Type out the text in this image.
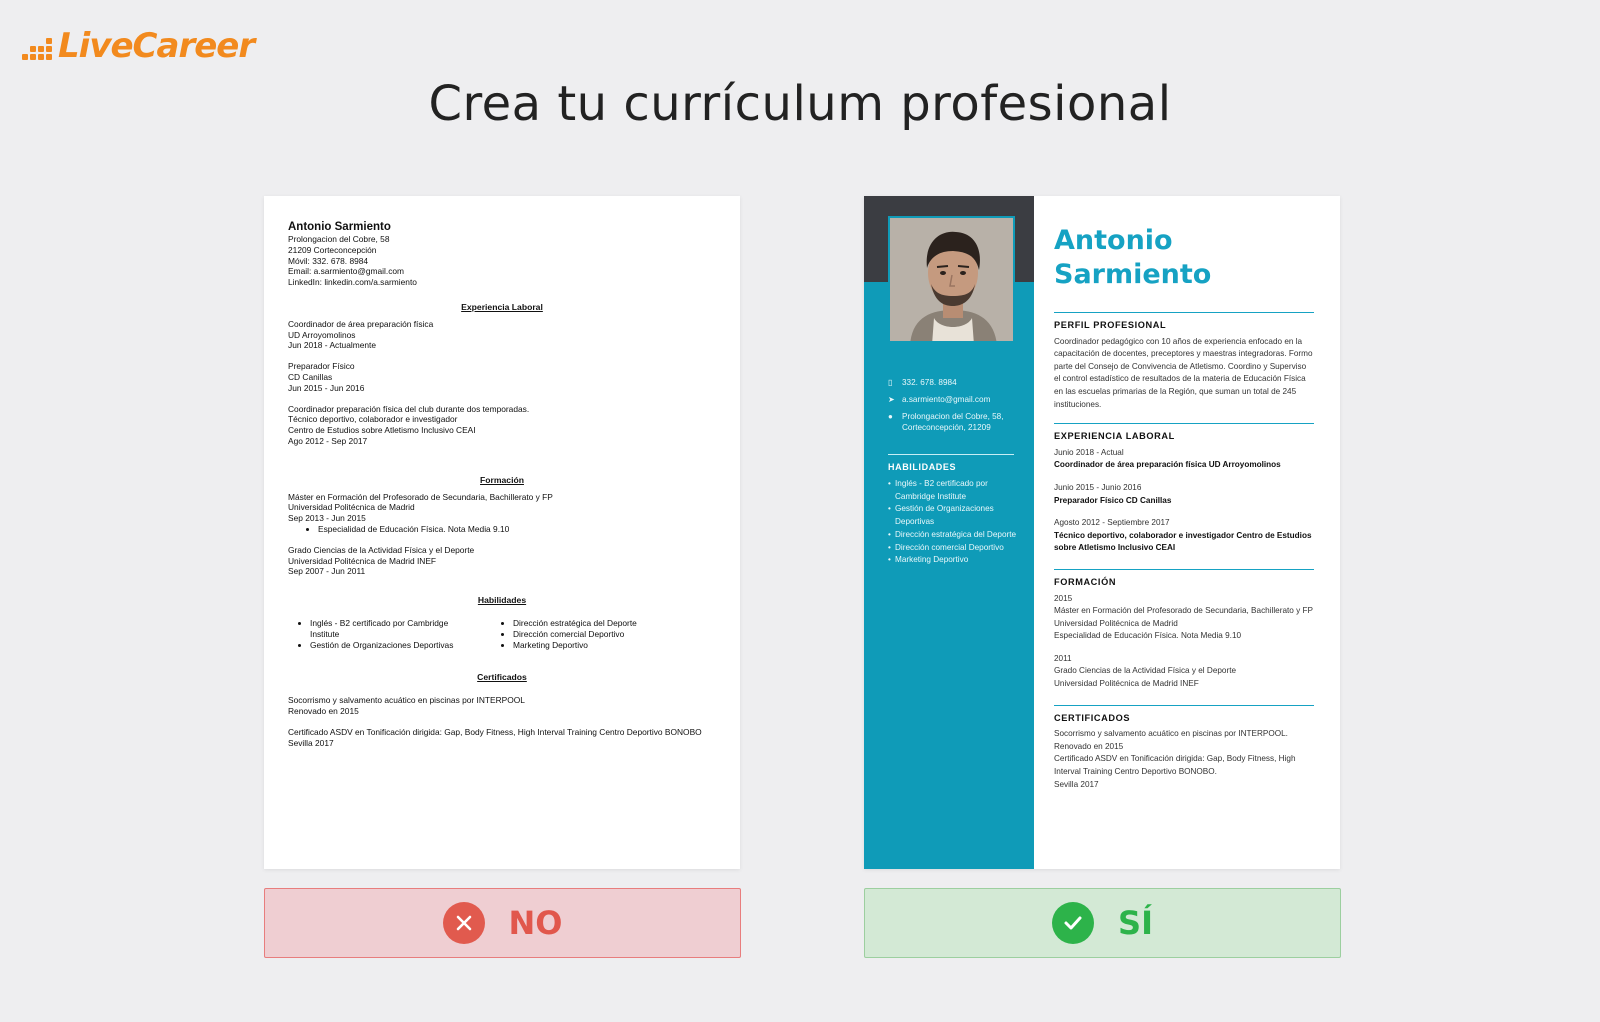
LiveCareer
Crea tu currículum profesional
Antonio Sarmiento
Prolongacion del Cobre, 58
21209 Corteconcepción
Móvil: 332. 678. 8984
Email: a.sarmiento@gmail.com
LinkedIn: linkedin.com/a.sarmiento
Experiencia Laboral
Coordinador de área preparación física
UD Arroyomolinos
Jun 2018 - Actualmente
Preparador Físico
CD Canillas
Jun 2015 - Jun 2016
Coordinador preparación física del club durante dos temporadas.
Técnico deportivo, colaborador e investigador
Centro de Estudios sobre Atletismo Inclusivo CEAI
Ago 2012 - Sep 2017
Formación
Máster en Formación del Profesorado de Secundaria, Bachillerato y FP
Universidad Politécnica de Madrid
Sep 2013 - Jun 2015
• Especialidad de Educación Física. Nota Media 9.10
Grado Ciencias de la Actividad Física y el Deporte
Universidad Politécnica de Madrid INEF
Sep 2007 - Jun 2011
Habilidades
• Inglés - B2 certificado por Cambridge Institute
• Gestión de Organizaciones Deportivas
• Dirección estratégica del Deporte
• Dirección comercial Deportivo
• Marketing Deportivo
Certificados
Socorrismo y salvamento acuático en piscinas por INTERPOOL
Renovado en 2015
Certificado ASDV en Tonificación dirigida: Gap, Body Fitness, High Interval Training Centro Deportivo BONOBO
Sevilla 2017
▯	332. 678. 8984
➤ a.sarmiento@gmail.com
●	Prolongacion del Cobre, 58, Corteconcepción, 21209
HABILIDADES
• Inglés - B2 certificado por Cambridge Institute
• Gestión de Organizaciones Deportivas
• Dirección estratégica del Deporte
• Dirección comercial Deportivo
• Marketing Deportivo
Antonio
Sarmiento
PERFIL PROFESIONAL
Coordinador pedagógico con 10 años de experiencia enfocado en la capacitación de docentes, preceptores y maestras integradoras. Formo parte del Consejo de Convivencia de Atletismo. Coordino y Superviso el control estadístico de resultados de la materia de Educación Física en las escuelas primarias de la Región, que suman un total de 245 instituciones.
EXPERIENCIA LABORAL
Junio 2018 - Actual
Coordinador de área preparación física UD Arroyomolinos
Junio 2015 - Junio 2016
Preparador Físico CD Canillas
Agosto 2012 - Septiembre 2017
Técnico deportivo, colaborador e investigador Centro de Estudios sobre Atletismo Inclusivo CEAI
FORMACIÓN
2015
Máster en Formación del Profesorado de Secundaria, Bachillerato y FP
Universidad Politécnica de Madrid
Especialidad de Educación Física. Nota Media 9.10
2011
Grado Ciencias de la Actividad Física y el Deporte
Universidad Politécnica de Madrid INEF
CERTIFICADOS
Socorrismo y salvamento acuático en piscinas por INTERPOOL.
Renovado en 2015
Certificado ASDV en Tonificación dirigida: Gap, Body Fitness, High Interval Training Centro Deportivo BONOBO.
Sevilla 2017
NO	SÍ
